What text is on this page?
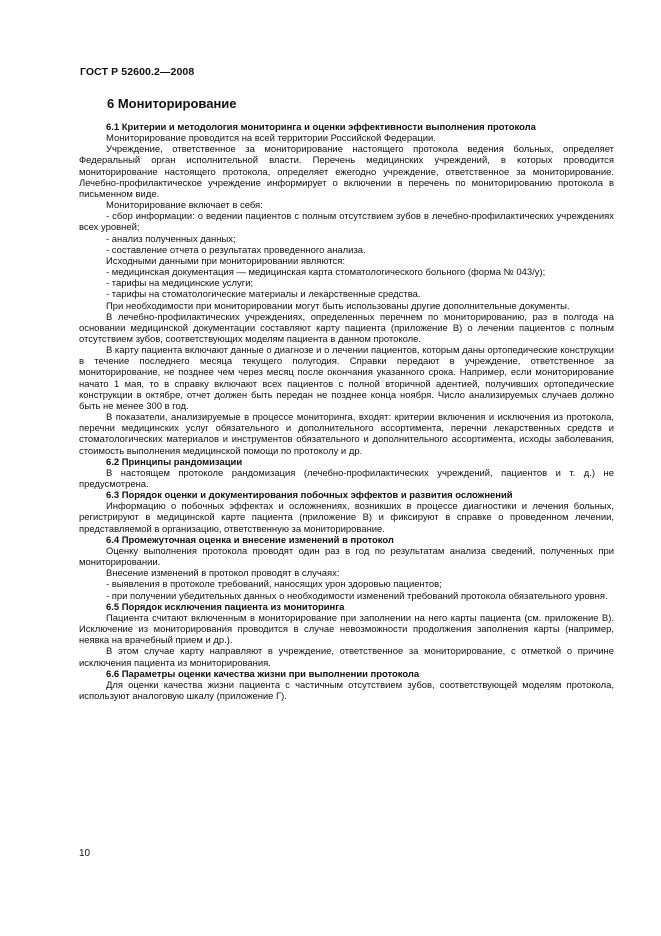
ГОСТ Р 52600.2—2008
6 Мониторирование

6.1 Критерии и методология мониторинга и оценки эффективности выполнения протокола

Мониторирование проводится на всей территории Российской Федерации.

Учреждение, ответственное за мониторирование настоящего протокола ведения больных, определяет Федеральный орган исполнительной власти. Перечень медицинских учреждений, в которых проводится мониторирование настоящего протокола, определяет ежегодно учреждение, ответственное за мониторирование. Лечебно-профилактическое учреждение информирует о включении в перечень по мониторированию протокола в письменном виде.

Мониторирование включает в себя:

- сбор информации: о ведении пациентов с полным отсутствием зубов в лечебно-профилактических учреждениях всех уровней;

- анализ полученных данных;

- составление отчета о результатах проведенного анализа.

Исходными данными при мониторировании являются:

- медицинская документация — медицинская карта стоматологического больного (форма № 043/у);

- тарифы на медицинские услуги;

- тарифы на стоматологические материалы и лекарственные средства.

При необходимости при мониторировании могут быть использованы другие дополнительные документы.

В лечебно-профилактических учреждениях, определенных перечнем по мониторированию, раз в полгода на основании медицинской документации составляют карту пациента (приложение В) о лечении пациентов с полным отсутствием зубов, соответствующих моделям пациента в данном протоколе.

В карту пациента включают данные о диагнозе и о лечении пациентов, которым даны ортопедические конструкции в течение последнего месяца текущего полугодия. Справки передают в учреждение, ответственное за мониторирование, не позднее чем через месяц после окончания указанного срока. Например, если мониторирование начато 1 мая, то в справку включают всех пациентов с полной вторичной адентией, получивших ортопедические конструкции в октябре, отчет должен быть передан не позднее конца ноября. Число анализируемых случаев должно быть не менее 300 в год.

В показатели, анализируемые в процессе мониторинга, входят: критерии включения и исключения из протокола, перечни медицинских услуг обязательного и дополнительного ассортимента, перечни лекарственных средств и стоматологических материалов и инструментов обязательного и дополнительного ассортимента, исходы заболевания, стоимость выполнения медицинской помощи по протоколу и др.

6.2 Принципы рандомизации

В настоящем протоколе рандомизация (лечебно-профилактических учреждений, пациентов и т. д.) не предусмотрена.

6.3 Порядок оценки и документирования побочных эффектов и развития осложнений

Информацию о побочных эффектах и осложнениях, возникших в процессе диагностики и лечения больных, регистрируют в медицинской карте пациента (приложение В) и фиксируют в справке о проведенном лечении, представляемой в организацию, ответственную за мониторирование.

6.4 Промежуточная оценка и внесение изменений в протокол

Оценку выполнения протокола проводят один раз в год по результатам анализа сведений, полученных при мониторировании.

Внесение изменений в протокол проводят в случаях:

- выявления в протоколе требований, наносящих урон здоровью пациентов;

- при получении убедительных данных о необходимости изменений требований протокола обязательного уровня.

6.5 Порядок исключения пациента из мониторинга

Пациента считают включенным в мониторирование при заполнении на него карты пациента (см. приложение В). Исключение из мониторирования проводится в случае невозможности продолжения заполнения карты (например, неявка на врачебный прием и др.).

В этом случае карту направляют в учреждение, ответственное за мониторирование, с отметкой о причине исключения пациента из мониторирования.

6.6 Параметры оценки качества жизни при выполнении протокола

Для оценки качества жизни пациента с частичным отсутствием зубов, соответствующей моделям протокола, используют аналоговую шкалу (приложение Г).

10
